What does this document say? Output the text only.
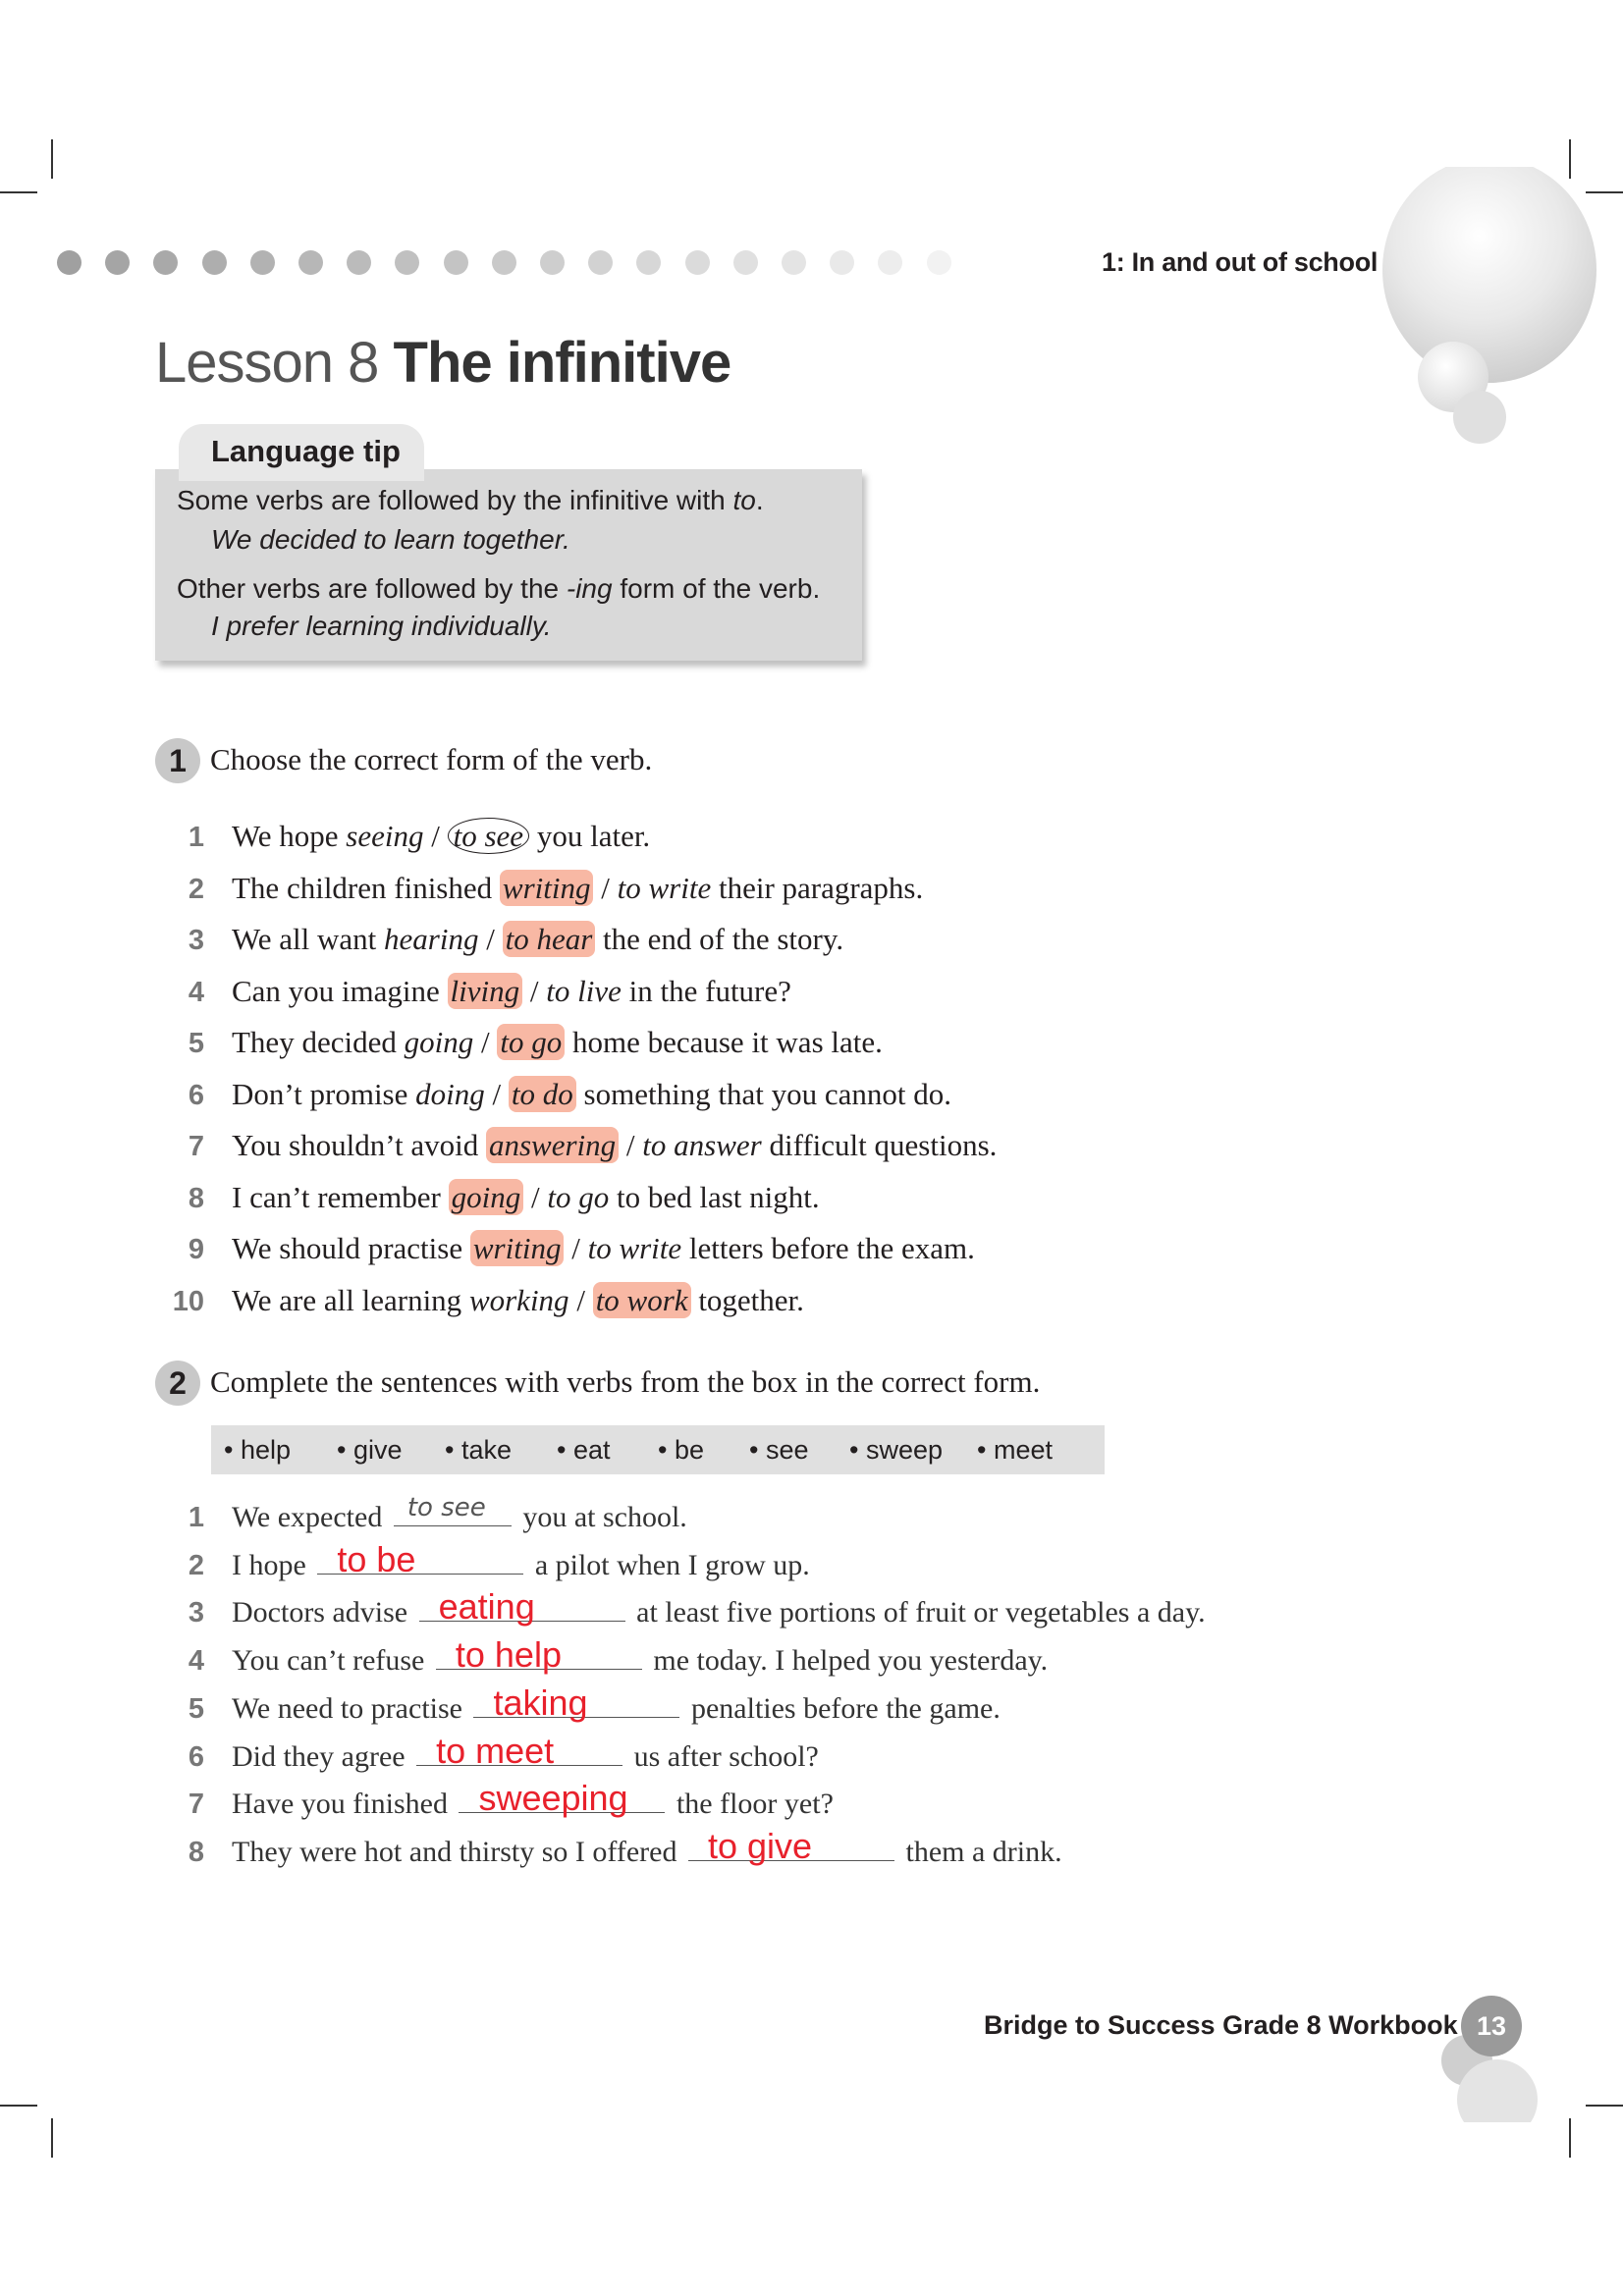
1: In and out of school
Lesson 8 The infinitive
Language tip
Some verbs are followed by the infinitive with to.
We decided to learn together.
Other verbs are followed by the -ing form of the verb.
I prefer learning individually.
1 Choose the correct form of the verb.
1 We hope seeing / to see you later.
2 The children finished writing / to write their paragraphs.
3 We all want hearing / to hear the end of the story.
4 Can you imagine living / to live in the future?
5 They decided going / to go home because it was late.
6 Don’t promise doing / to do something that you cannot do.
7 You shouldn’t avoid answering / to answer difficult questions.
8 I can’t remember going / to go to bed last night.
9 We should practise writing / to write letters before the exam.
10 We are all learning working / to work together.
2 Complete the sentences with verbs from the box in the correct form.
• help • give • take • eat • be • see • sweep • meet
1 We expected to see you at school.
2 I hope to be	a pilot when I grow up.
3 Doctors advise eating	at least five portions of fruit or vegetables a day.
4 You can’t refuse to help	me today. I helped you yesterday.
5 We need to practise taking	penalties before the game.
6 Did they agree to meet us after school?
7 Have you finished sweeping the floor yet?
8 They were hot and thirsty so I offered to give	them a drink.
Bridge to Success Grade 8 Workbook 13
